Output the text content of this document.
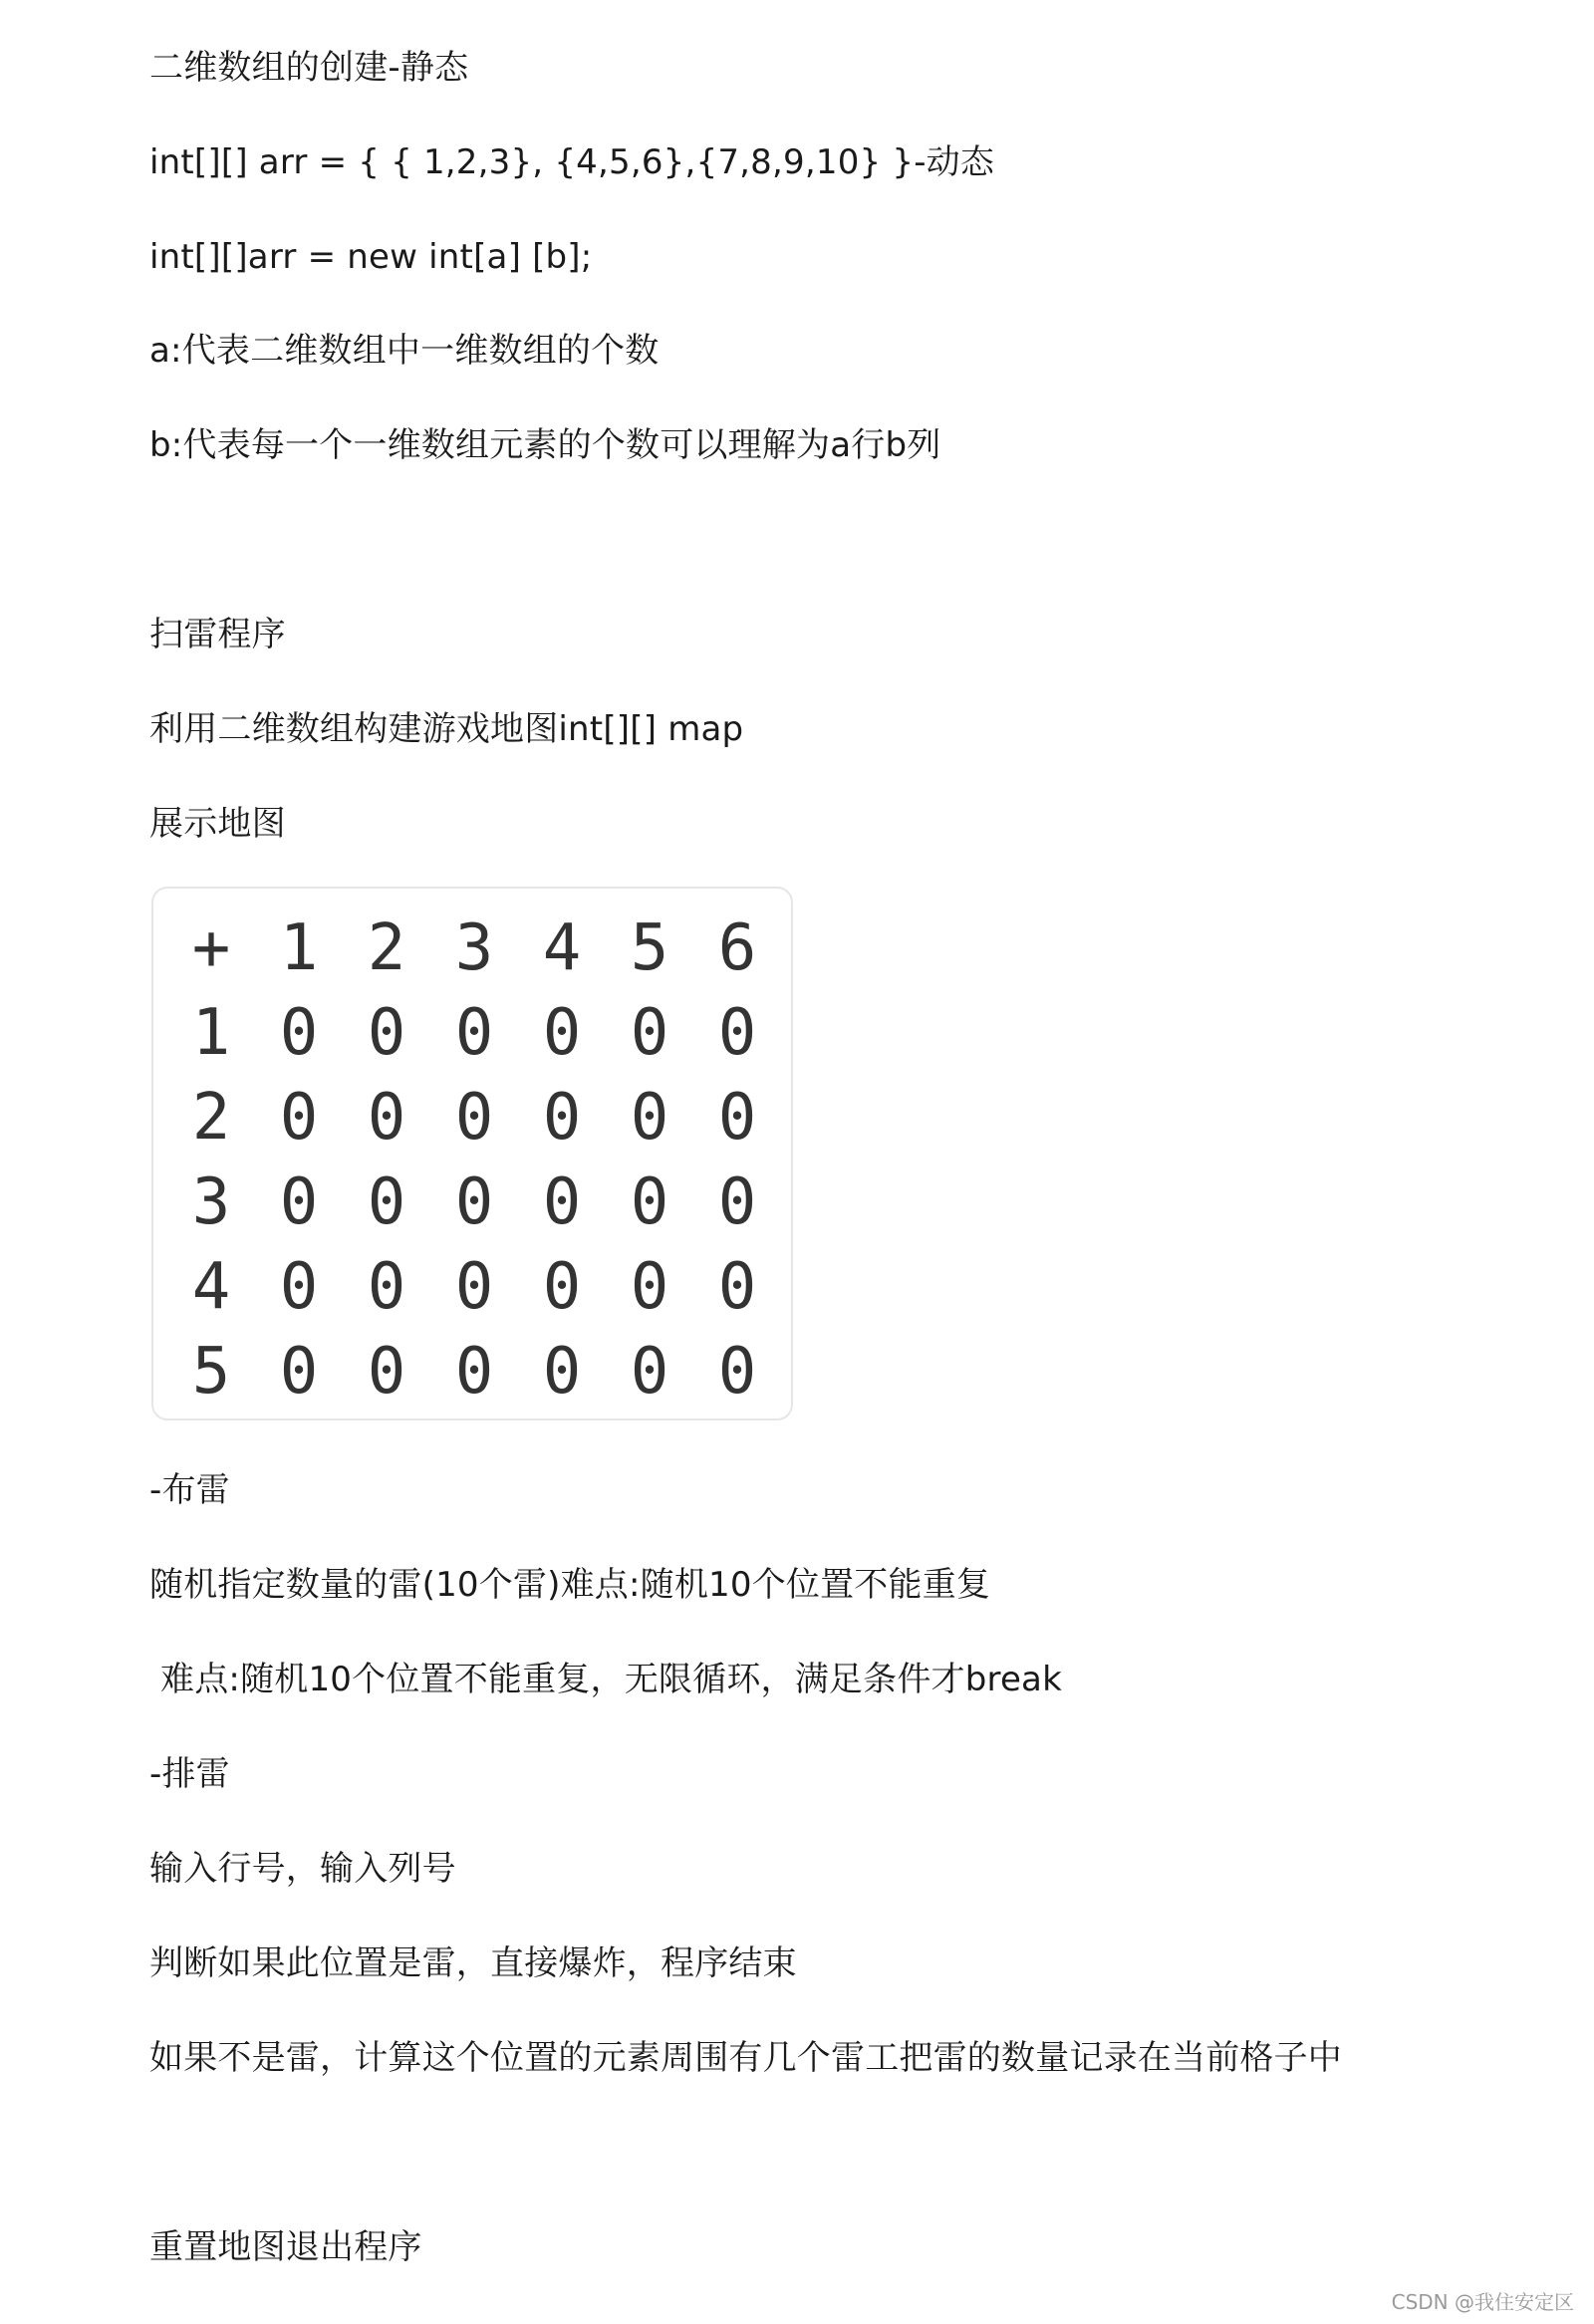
二维数组的创建-静态
int[][] arr = { { 1,2,3}, {4,5,6},{7,8,9,10} }-动态
int[][]arr = new int[a] [b];
a:代表二维数组中一维数组的个数
b:代表每一个一维数组元素的个数可以理解为a行b列
扫雷程序
利用二维数组构建游戏地图int[][] map
展示地图
+ 1 2 3 4 5 6
1 0 0 0 0 0 0
2 0 0 0 0 0 0
3 0 0 0 0 0 0
4 0 0 0 0 0 0
5 0 0 0 0 0 0
-布雷
随机指定数量的雷(10个雷)难点:随机10个位置不能重复
难点:随机10个位置不能重复，无限循环，满足条件才break
-排雷
输入行号，输入列号
判断如果此位置是雷，直接爆炸，程序结束
如果不是雷，计算这个位置的元素周围有几个雷工把雷的数量记录在当前格子中
重置地图退出程序
CSDN @我住安定区
